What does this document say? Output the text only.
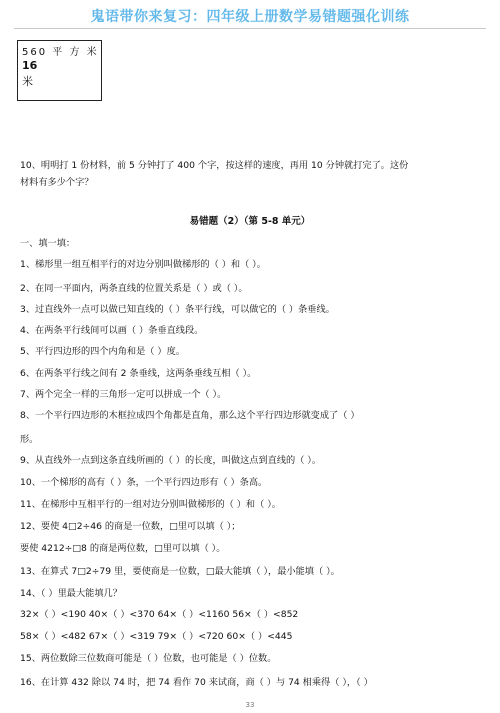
鬼语带你来复习：四年级上册数学易错题强化训练
560 平 方 米
16
米
10、明明打 1 份材料，前 5 分钟打了 400 个字，按这样的速度，再用 10 分钟就打完了。这份
材料有多少个字？
易错题（2）（第 5-8 单元）
一、填一填：
1、梯形里一组互相平行的对边分别叫做梯形的（ ）和（ ）。
2、在同一平面内，两条直线的位置关系是（ ）或（ ）。
3、过直线外一点可以做已知直线的（ ）条平行线，可以做它的（ ）条垂线。
4、在两条平行线间可以画（ ）条垂直线段。
5、平行四边形的四个内角和是（ ）度。
6、在两条平行线之间有 2 条垂线，这两条垂线互相（ ）。
7、两个完全一样的三角形一定可以拼成一个（ ）。
8、一个平行四边形的木框拉成四个角都是直角，那么这个平行四边形就变成了（ ）
形。
9、从直线外一点到这条直线所画的（ ）的长度，叫做这点到直线的（ ）。
10、一个梯形的高有（ ）条，一个平行四边形有（ ）条高。
11、在梯形中互相平行的一组对边分别叫做梯形的（ ）和（ ）。
12、要使 4□2÷46 的商是一位数，□里可以填（ ）；
要使 4212÷□8 的商是两位数，□里可以填（ ）。
13、在算式 7□2÷79 里，要使商是一位数，□最大能填（ ），最小能填（ ）。
14、（ ）里最大能填几？
32×（ ）<190 40×（ ）<370 64×（ ）<1160 56×（ ）<852
58×（ ）<482 67×（ ）<319 79×（ ）<720 60×（ ）<445
15、两位数除三位数商可能是（ ）位数，也可能是（ ）位数。
16、在计算 432 除以 74 时，把 74 看作 70 来试商，商（ ）与 74 相乘得（ ），（ ）
33
